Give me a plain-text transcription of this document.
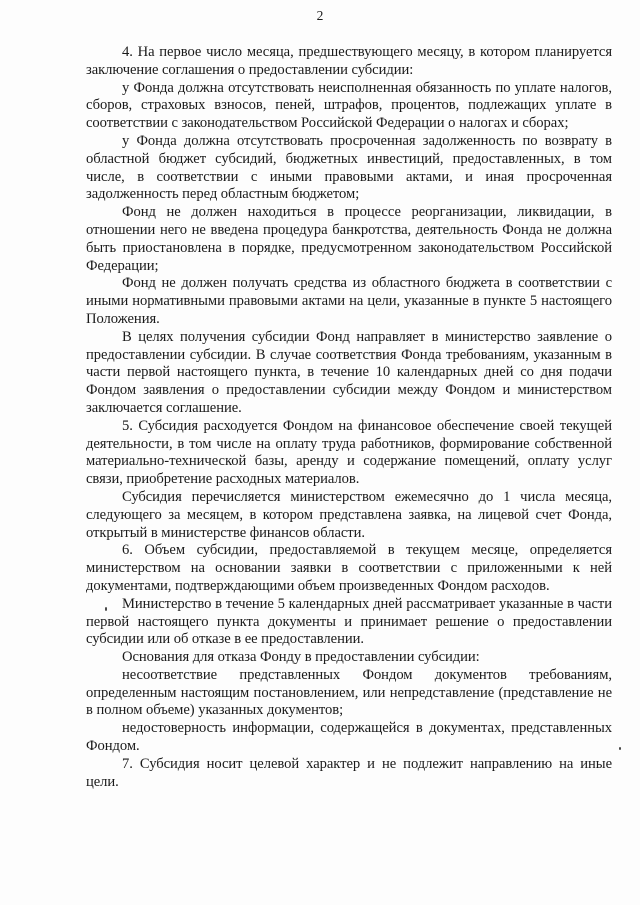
2

4. На первое число месяца, предшествующего месяцу, в котором планируется заключение соглашения о предоставлении субсидии:

у Фонда должна отсутствовать неисполненная обязанность по уплате налогов, сборов, страховых взносов, пеней, штрафов, процентов, подлежащих уплате в соответствии с законодательством Российской Федерации о налогах и сборах;

у Фонда должна отсутствовать просроченная задолженность по возврату в областной бюджет субсидий, бюджетных инвестиций, предоставленных, в том числе, в соответствии с иными правовыми актами, и иная просроченная задолженность перед областным бюджетом;

Фонд не должен находиться в процессе реорганизации, ликвидации, в отношении него не введена процедура банкротства, деятельность Фонда не должна быть приостановлена в порядке, предусмотренном законодательством Российской Федерации;

Фонд не должен получать средства из областного бюджета в соответствии с иными нормативными правовыми актами на цели, указанные в пункте 5 настоящего Положения.

В целях получения субсидии Фонд направляет в министерство заявление о предоставлении субсидии. В случае соответствия Фонда требованиям, указанным в части первой настоящего пункта, в течение 10 календарных дней со дня подачи Фондом заявления о предоставлении субсидии между Фондом и министерством заключается соглашение.

5. Субсидия расходуется Фондом на финансовое обеспечение своей текущей деятельности, в том числе на оплату труда работников, формирование собственной материально-технической базы, аренду и содержание помещений, оплату услуг связи, приобретение расходных материалов.

Субсидия перечисляется министерством ежемесячно до 1 числа месяца, следующего за месяцем, в котором представлена заявка, на лицевой счет Фонда, открытый в министерстве финансов области.

6. Объем субсидии, предоставляемой в текущем месяце, определяется министерством на основании заявки в соответствии с приложенными к ней документами, подтверждающими объем произведенных Фондом расходов.

Министерство в течение 5 календарных дней рассматривает указанные в части первой настоящего пункта документы и принимает решение о предоставлении субсидии или об отказе в ее предоставлении.

Основания для отказа Фонду в предоставлении субсидии:

несоответствие представленных Фондом документов требованиям, определенным настоящим постановлением, или непредставление (представление не в полном объеме) указанных документов;

недостоверность информации, содержащейся в документах, представленных Фондом.

7. Субсидия носит целевой характер и не подлежит направлению на иные цели.
